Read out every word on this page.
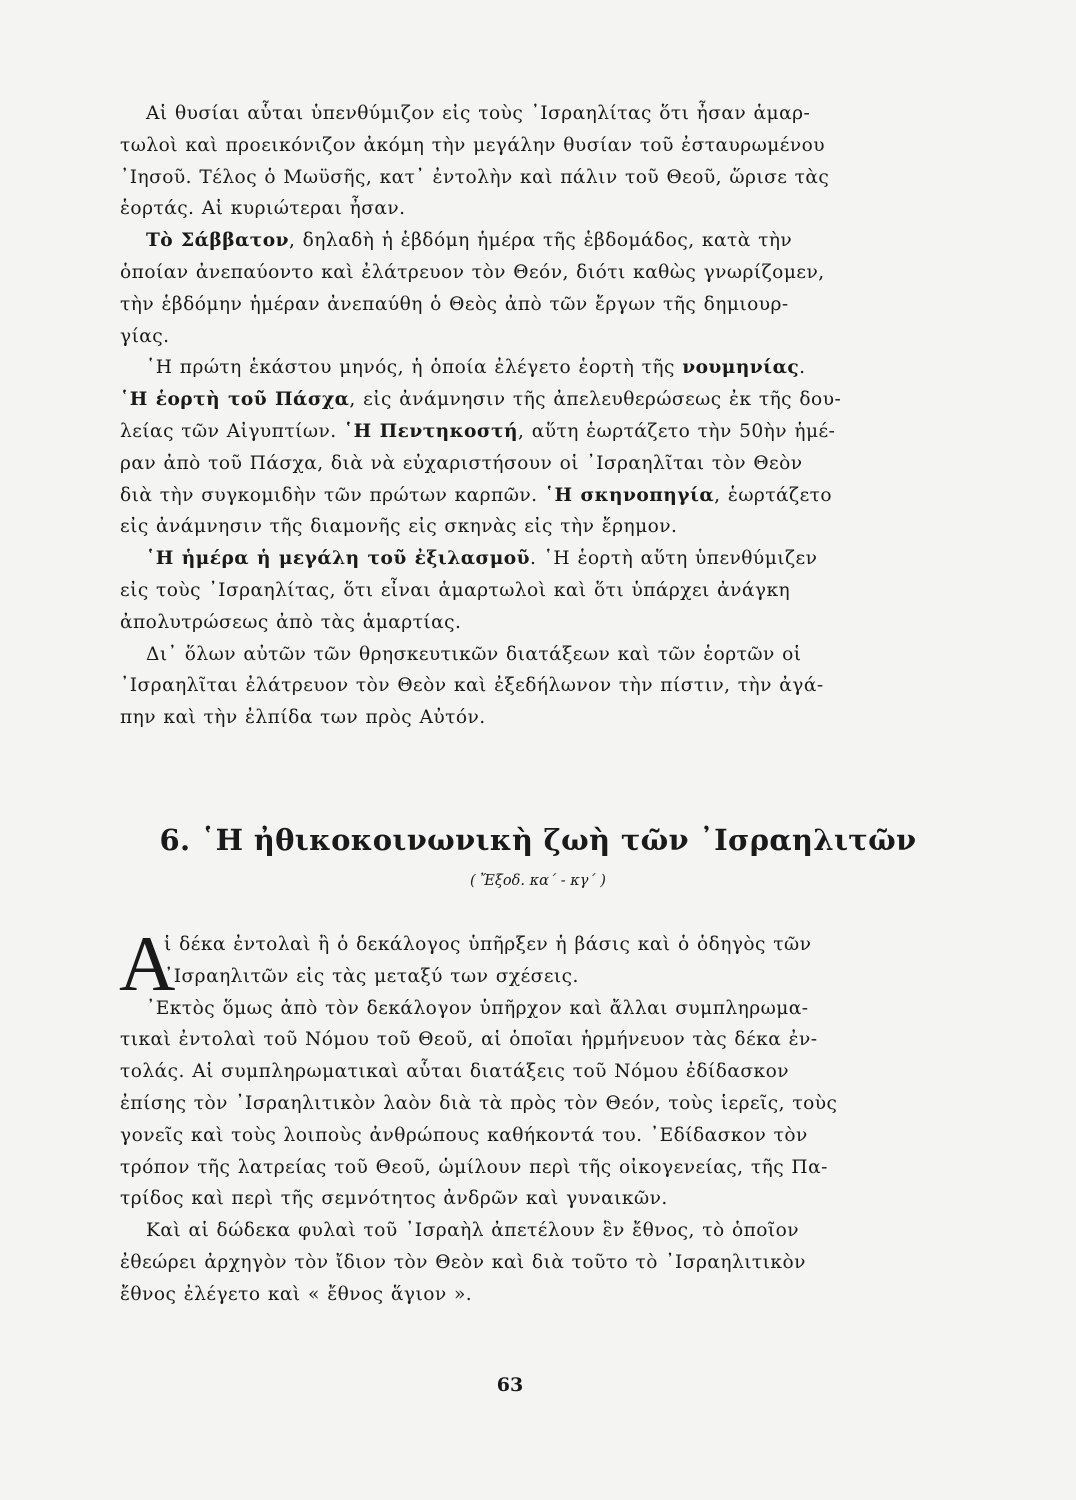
Αἱ θυσίαι αὗται ὑπενθύμιζον εἰς τοὺς ᾿Ισραηλίτας ὅτι ἦσαν ἁμαρ-
τωλοὶ καὶ προεικόνιζον ἀκόμη τὴν μεγάλην θυσίαν τοῦ ἐσταυρωμένου
᾿Ιησοῦ. Τέλος ὁ Μωϋσῆς, κατ᾿ ἐντολὴν καὶ πάλιν τοῦ Θεοῦ, ὥρισε τὰς
ἑορτάς. Αἱ κυριώτεραι ἦσαν.

Τὸ Σάββατον, δηλαδὴ ἡ ἑβδόμη ἡμέρα τῆς ἑβδομάδος, κατὰ τὴν
ὁποίαν ἀνεπαύοντο καὶ ἐλάτρευον τὸν Θεόν, διότι καθὼς γνωρίζομεν,
τὴν ἑβδόμην ἡμέραν ἀνεπαύθη ὁ Θεὸς ἀπὸ τῶν ἔργων τῆς δημιουρ-
γίας.

῾Η πρώτη ἑκάστου μηνός, ἡ ὁποία ἐλέγετο ἑορτὴ τῆς νουμηνίας.
῾Η ἑορτὴ τοῦ Πάσχα, εἰς ἀνάμνησιν τῆς ἀπελευθερώσεως ἐκ τῆς δου-
λείας τῶν Αἰγυπτίων. ῾Η Πεντηκοστή, αὕτη ἑωρτάζετο τὴν 50ὴν ἡμέ-
ραν ἀπὸ τοῦ Πάσχα, διὰ νὰ εὐχαριστήσουν οἱ ᾿Ισραηλῖται τὸν Θεὸν
διὰ τὴν συγκομιδὴν τῶν πρώτων καρπῶν. ῾Η σκηνοπηγία, ἑωρτάζετο
εἰς ἀνάμνησιν τῆς διαμονῆς εἰς σκηνὰς εἰς τὴν ἔρημον.

῾Η ἡμέρα ἡ μεγάλη τοῦ ἐξιλασμοῦ. ῾Η ἑορτὴ αὕτη ὑπενθύμιζεν
εἰς τοὺς ᾿Ισραηλίτας, ὅτι εἶναι ἁμαρτωλοὶ καὶ ὅτι ὑπάρχει ἀνάγκη
ἀπολυτρώσεως ἀπὸ τὰς ἁμαρτίας.

Δι᾿ ὅλων αὐτῶν τῶν θρησκευτικῶν διατάξεων καὶ τῶν ἑορτῶν οἱ
᾿Ισραηλῖται ἐλάτρευον τὸν Θεὸν καὶ ἐξεδήλωνον τὴν πίστιν, τὴν ἀγά-
πην καὶ τὴν ἐλπίδα των πρὸς Αὐτόν.

6. ῾Η ἠθικοκοινωνικὴ ζωὴ τῶν ᾿Ισραηλιτῶν
( Ἔξοδ. κα΄ - κγ΄ )
Α

ἱ δέκα ἐντολαὶ ἢ ὁ δεκάλογος ὑπῆρξεν ἡ βάσις καὶ ὁ ὁδηγὸς τῶν
᾿Ισραηλιτῶν εἰς τὰς μεταξύ των σχέσεις.

᾿Εκτὸς ὅμως ἀπὸ τὸν δεκάλογον ὑπῆρχον καὶ ἄλλαι συμπληρωμα-
τικαὶ ἐντολαὶ τοῦ Νόμου τοῦ Θεοῦ, αἱ ὁποῖαι ἡρμήνευον τὰς δέκα ἐν-
τολάς. Αἱ συμπληρωματικαὶ αὗται διατάξεις τοῦ Νόμου ἐδίδασκον
ἐπίσης τὸν ᾿Ισραηλιτικὸν λαὸν διὰ τὰ πρὸς τὸν Θεόν, τοὺς ἱερεῖς, τοὺς
γονεῖς καὶ τοὺς λοιποὺς ἀνθρώπους καθήκοντά του. ᾿Εδίδασκον τὸν
τρόπον τῆς λατρείας τοῦ Θεοῦ, ὡμίλουν περὶ τῆς οἰκογενείας, τῆς Πα-
τρίδος καὶ περὶ τῆς σεμνότητος ἀνδρῶν καὶ γυναικῶν.

Καὶ αἱ δώδεκα φυλαὶ τοῦ ᾿Ισραὴλ ἀπετέλουν ἓν ἔθνος, τὸ ὁποῖον
ἐθεώρει ἀρχηγὸν τὸν ἴδιον τὸν Θεὸν καὶ διὰ τοῦτο τὸ ᾿Ισραηλιτικὸν
ἔθνος ἐλέγετο καὶ « ἔθνος ἅγιον ».

63
